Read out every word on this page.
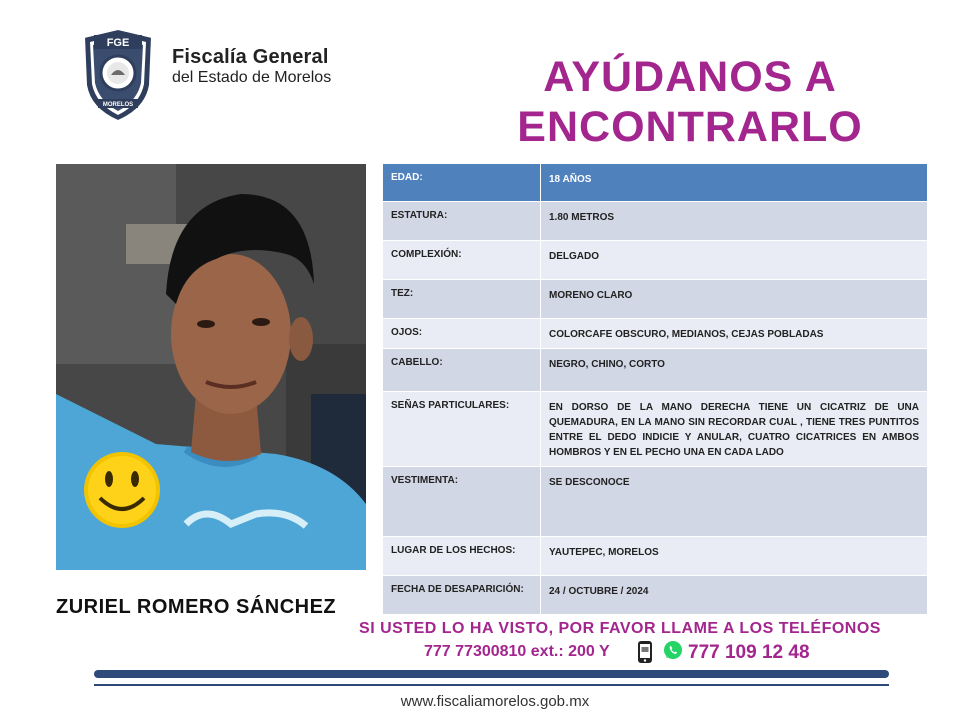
FGE
MORELOS
Fiscalía General
del Estado de Morelos	AYÚDANOS A
ENCONTRARLO
ZURIEL ROMERO SÁNCHEZ
EDAD:	18 AÑOS
ESTATURA:	1.80 METROS
COMPLEXIÓN:	DELGADO
TEZ:	MORENO CLARO
OJOS:	COLORCAFE OBSCURO, MEDIANOS, CEJAS POBLADAS
CABELLO:	NEGRO, CHINO, CORTO
SEÑAS PARTICULARES:	EN DORSO DE LA MANO DERECHA TIENE UN CICATRIZ DE UNA QUEMADURA, EN LA MANO SIN RECORDAR CUAL , TIENE TRES PUNTITOS ENTRE EL DEDO INDICIE Y ANULAR, CUATRO CICATRICES EN AMBOS HOMBROS Y EN EL PECHO UNA EN CADA LADO
VESTIMENTA:	SE DESCONOCE
LUGAR DE LOS HECHOS:	YAUTEPEC, MORELOS
FECHA DE DESAPARICIÓN:	24 / OCTUBRE / 2024
SI USTED LO HA VISTO, POR FAVOR LLAME A LOS TELÉFONOS
777 77300810 ext.: 200 Y	777 109 12 48
www.fiscaliamorelos.gob.mx
